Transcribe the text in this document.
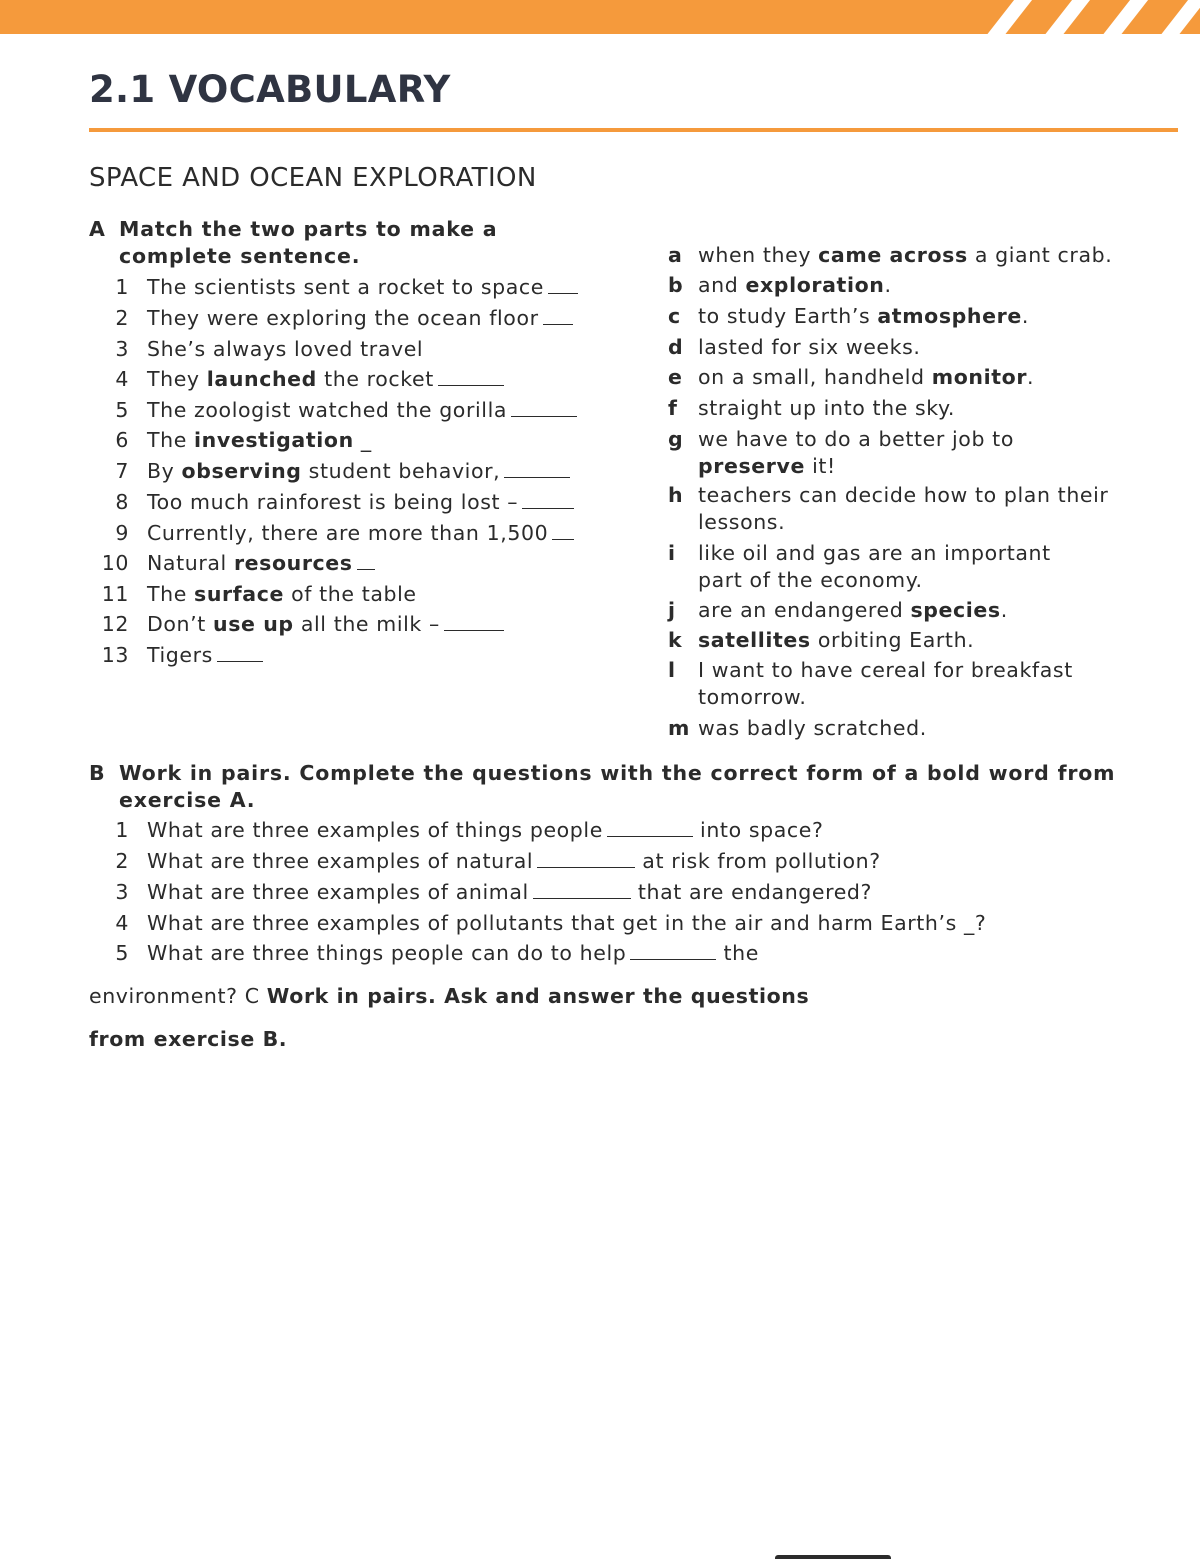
2.1 VOCABULARY
SPACE AND OCEAN EXPLORATION
A Match the two parts to make a complete sentence.
1 The scientists sent a rocket to space
2 They were exploring the ocean floor
3 She’s always loved travel
4 They launched the rocket
5 The zoologist watched the gorilla
6 The investigation _
7 By observing student behavior,
8 Too much rainforest is being lost –
9 Currently, there are more than 1,500
10 Natural resources
11 The surface of the table
12 Don’t use up all the milk –
13 Tigers
a when they came across a giant crab.
b and exploration.
c to study Earth’s atmosphere.
d lasted for six weeks.
e on a small, handheld monitor.
f straight up into the sky.
g we have to do a better job to preserve it!
h teachers can decide how to plan their lessons.
i like oil and gas are an important part of the economy.
j are an endangered species.
k satellites orbiting Earth.
l I want to have cereal for breakfast tomorrow.
m was badly scratched.
B Work in pairs. Complete the questions with the correct form of a bold word from exercise A.
1 What are three examples of things people	into space?
2 What are three examples of natural	at risk from pollution?
3 What are three examples of animal	that are endangered?
4 What are three examples of pollutants that get in the air and harm Earth’s _?
5 What are three things people can do to help	the
environment? C Work in pairs. Ask and answer the questions
from exercise B.
